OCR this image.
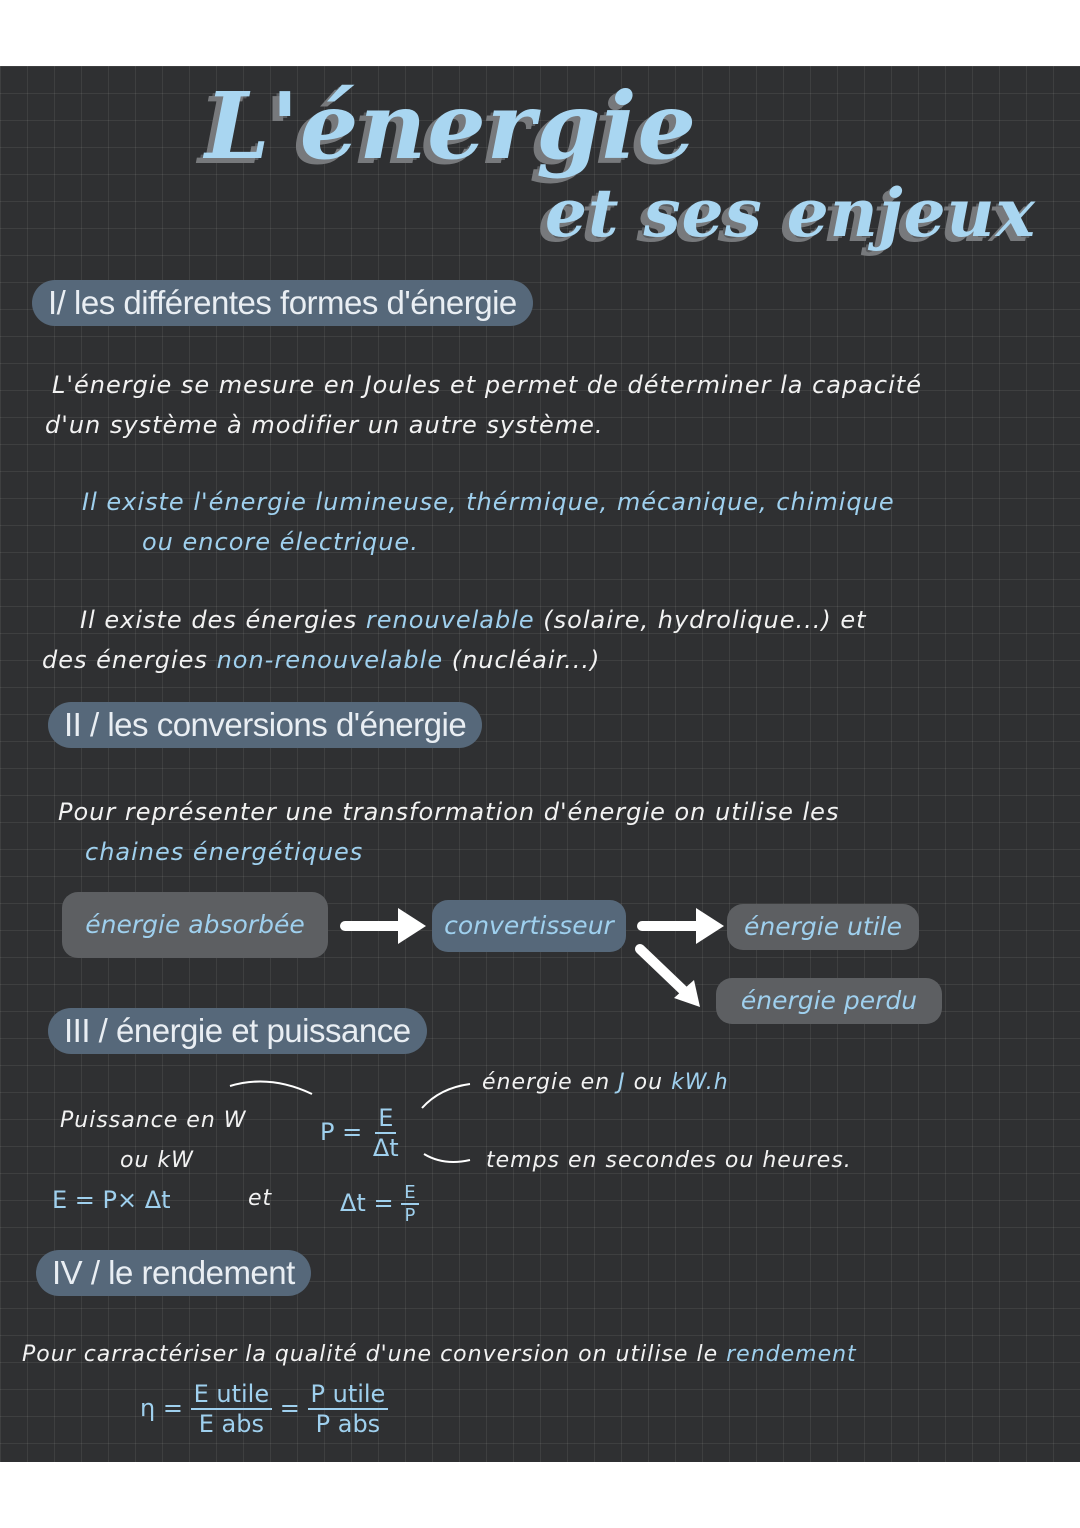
L'énergie
et ses enjeux
I/ les différentes formes d'énergie
L'énergie se mesure en Joules et permet de déterminer la capacité
d'un système à modifier un autre système.
Il existe l'énergie lumineuse, thérmique, mécanique, chimique
ou encore électrique.
Il existe des énergies renouvelable (solaire, hydrolique...) et
des énergies non-renouvelable (nucléair...)
II / les conversions d'énergie
Pour représenter une transformation d'énergie on utilise les
chaines énergétiques
énergie absorbée	convertisseur	énergie utile
énergie perdu
III / énergie et puissance
Puissance en W
ou kW
$P = \frac{E}{\Delta t}$
énergie en J ou kW.h
temps en secondes ou heures.
E = P× Δt	et	$\Delta t = \frac{E}{P}$
IV / le rendement
Pour carractériser la qualité d'une conversion on utilise le rendement
$\eta = \frac{\text{E utile}}{\text{E abs}} = \frac{\text{P utile}}{\text{P abs}}$
